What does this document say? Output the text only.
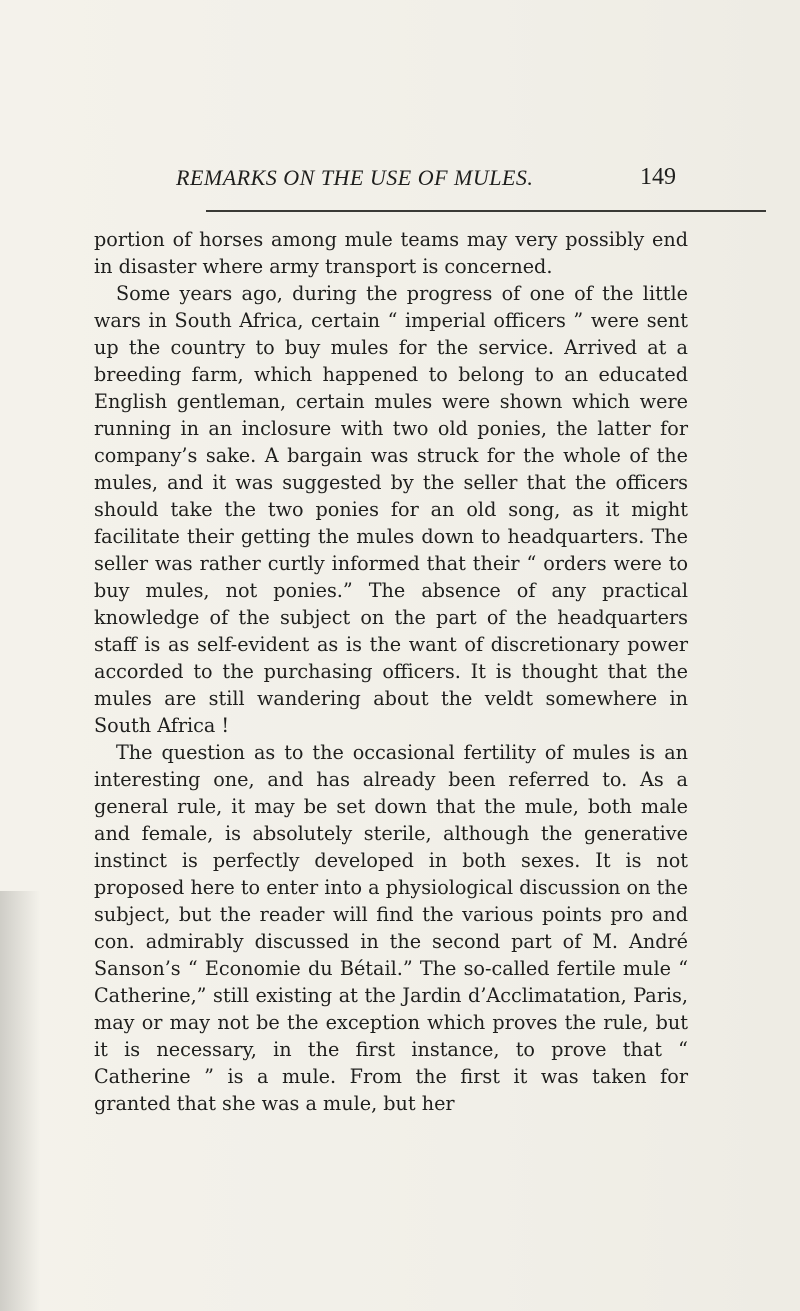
REMARKS ON THE USE OF MULES.	149

portion of horses among mule teams may very possibly end in disaster where army transport is concerned.

Some years ago, during the progress of one of the little wars in South Africa, certain “ imperial officers ” were sent up the country to buy mules for the service. Arrived at a breeding farm, which happened to belong to an educated English gentleman, certain mules were shown which were running in an inclosure with two old ponies, the latter for company’s sake. A bargain was struck for the whole of the mules, and it was suggested by the seller that the officers should take the two ponies for an old song, as it might facilitate their getting the mules down to headquarters. The seller was rather curtly informed that their “ orders were to buy mules, not ponies.” The absence of any practical knowledge of the subject on the part of the headquarters staff is as self-evident as is the want of discretionary power accorded to the purchasing officers. It is thought that the mules are still wandering about the veldt somewhere in South Africa !

The question as to the occasional fertility of mules is an interesting one, and has already been referred to. As a general rule, it may be set down that the mule, both male and female, is absolutely sterile, although the generative instinct is perfectly developed in both sexes. It is not proposed here to enter into a physiological discussion on the subject, but the reader will find the various points pro and con. admirably discussed in the second part of M. André Sanson’s “ Economie du Bétail.” The so-called fertile mule “ Catherine,” still existing at the Jardin d’Acclimatation, Paris, may or may not be the exception which proves the rule, but it is necessary, in the first instance, to prove that “ Catherine ” is a mule. From the first it was taken for granted that she was a mule, but her
